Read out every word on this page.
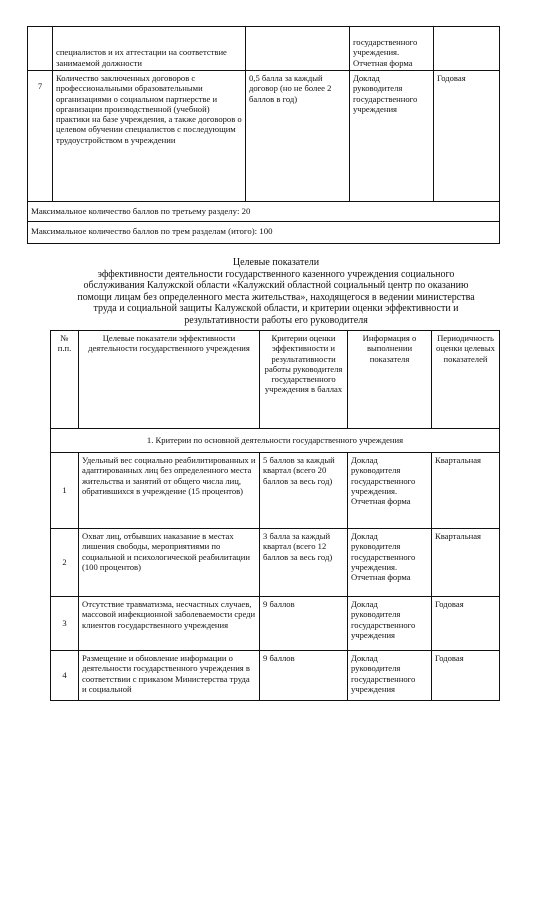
	специалистов и их аттестации на соответствие занимаемой должности		государственного учреждения. Отчетная форма	
7	Количество заключенных договоров с профессиональными образовательными организациями о социальном партнерстве и организации производственной (учебной) практики на базе учреждения, а также договоров о целевом обучении специалистов с последующим трудоустройством в учреждении	0,5 балла за каждый договор (но не более 2 баллов в год)	Доклад руководителя государственного учреждения	Годовая
Максимальное количество баллов по третьему разделу: 20				
Максимальное количество баллов по трем разделам (итого): 100				
Целевые показатели
эффективности деятельности государственного казенного учреждения социального
обслуживания Калужской области «Калужский областной социальный центр по оказанию
помощи лицам без определенного места жительства», находящегося в ведении министерства
труда и социальной защиты Калужской области, и критерии оценки эффективности и
результативности работы его руководителя
№ п.п.	Целевые показатели эффективности деятельности государственного учреждения	Критерии оценки эффективности и результативности работы руководителя государственного учреждения в баллах	Информация о выполнении показателя	Периодичность оценки целевых показателей
1. Критерии по основной деятельности государственного учреждения				
1	Удельный вес социально реабилитированных и адаптированных лиц без определенного места жительства и занятий от общего числа лиц, обратившихся в учреждение (15 процентов)	5 баллов за каждый квартал (всего 20 баллов за весь год)	Доклад руководителя государственного учреждения. Отчетная форма	Квартальная
2	Охват лиц, отбывших наказание в местах лишения свободы, мероприятиями по социальной и психологической реабилитации (100 процентов)	3 балла за каждый квартал (всего 12 баллов за весь год)	Доклад руководителя государственного учреждения. Отчетная форма	Квартальная
3	Отсутствие травматизма, несчастных случаев, массовой инфекционной заболеваемости среди клиентов государственного учреждения	9 баллов	Доклад руководителя государственного учреждения	Годовая
4	Размещение и обновление информации о деятельности государственного учреждения в соответствии с приказом Министерства труда и социальной	9 баллов	Доклад руководителя государственного учреждения	Годовая
